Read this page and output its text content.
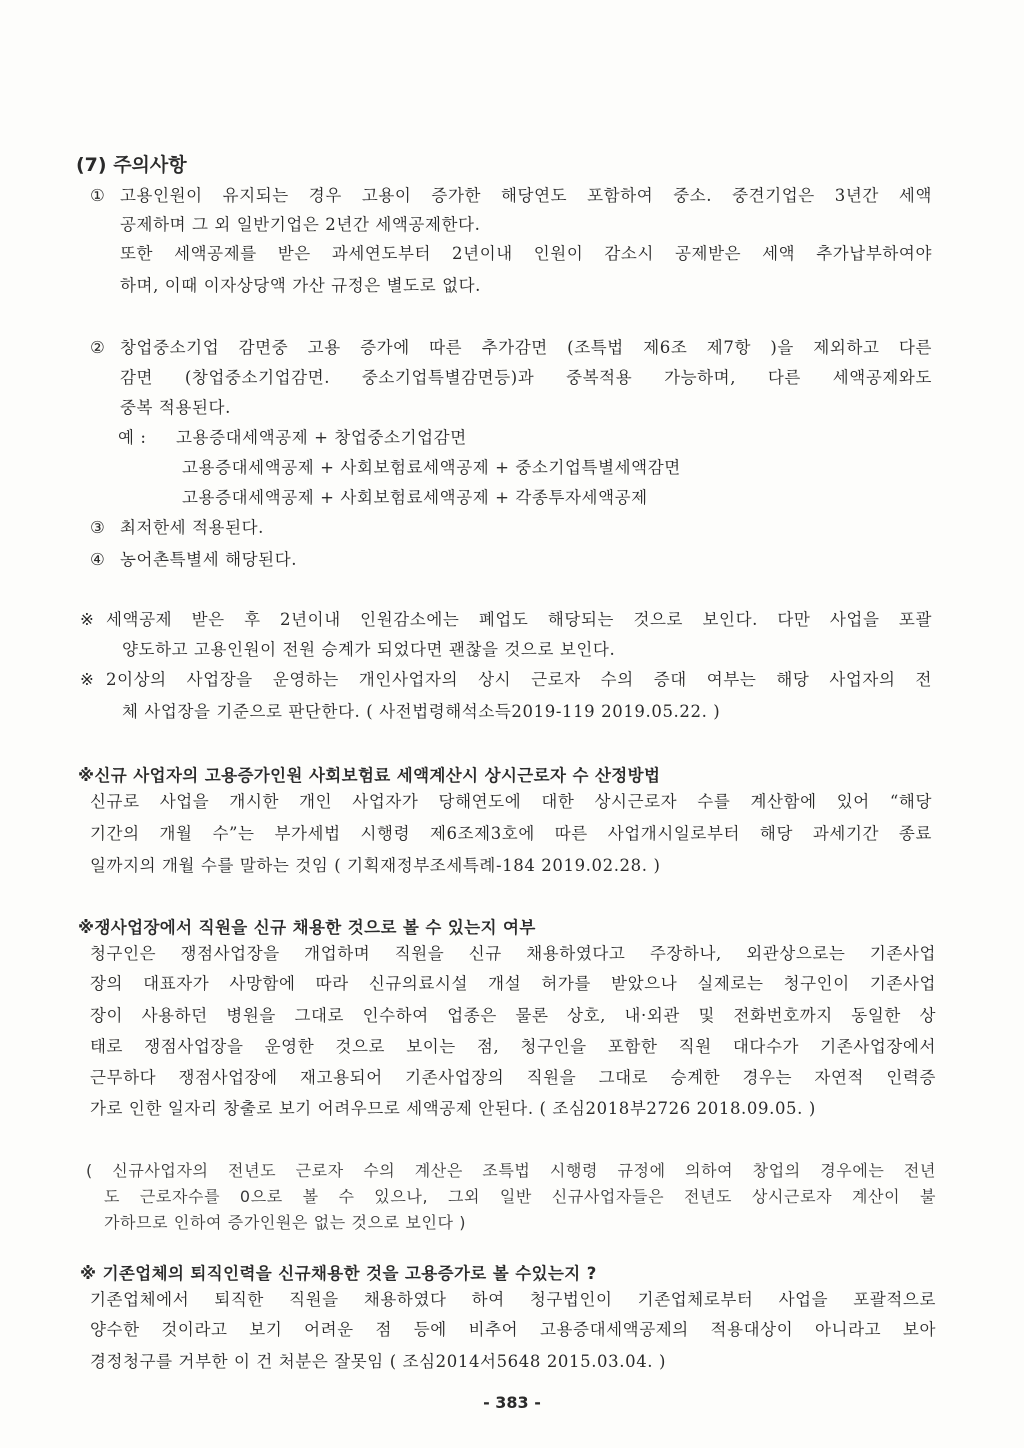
(7) 주의사항
① 고용인원이 유지되는 경우 고용이 증가한 해당연도 포함하여 중소. 중견기업은 3년간 세액
공제하며 그 외 일반기업은 2년간 세액공제한다.
또한 세액공제를 받은 과세연도부터 2년이내 인원이 감소시 공제받은 세액 추가납부하여야
하며, 이때 이자상당액 가산 규정은 별도로 없다.
② 창업중소기업 감면중 고용 증가에 따른 추가감면 (조특법 제6조 제7항 )을 제외하고 다른
감면 (창업중소기업감면. 중소기업특별감면등)과 중복적용 가능하며, 다른 세액공제와도
중복 적용된다.
예 : 고용증대세액공제 + 창업중소기업감면
고용증대세액공제 + 사회보험료세액공제 + 중소기업특별세액감면
고용증대세액공제 + 사회보험료세액공제 + 각종투자세액공제
③ 최저한세 적용된다.
④ 농어촌특별세 해당된다.
※ 세액공제 받은 후 2년이내 인원감소에는 폐업도 해당되는 것으로 보인다. 다만 사업을 포괄
양도하고 고용인원이 전원 승계가 되었다면 괜찮을 것으로 보인다.
※ 2이상의 사업장을 운영하는 개인사업자의 상시 근로자 수의 증대 여부는 해당 사업자의 전
체 사업장을 기준으로 판단한다. ( 사전법령해석소득2019-119 2019.05.22. )
※신규 사업자의 고용증가인원 사회보험료 세액계산시 상시근로자 수 산정방법
신규로 사업을 개시한 개인 사업자가 당해연도에 대한 상시근로자 수를 계산함에 있어 “해당
기간의 개월 수”는 부가세법 시행령 제6조제3호에 따른 사업개시일로부터 해당 과세기간 종료
일까지의 개월 수를 말하는 것임 ( 기획재정부조세특례-184 2019.02.28. )
※쟁사업장에서 직원을 신규 채용한 것으로 볼 수 있는지 여부
청구인은 쟁점사업장을 개업하며 직원을 신규 채용하였다고 주장하나, 외관상으로는 기존사업
장의 대표자가 사망함에 따라 신규의료시설 개설 허가를 받았으나 실제로는 청구인이 기존사업
장이 사용하던 병원을 그대로 인수하여 업종은 물론 상호, 내·외관 및 전화번호까지 동일한 상
태로 쟁점사업장을 운영한 것으로 보이는 점, 청구인을 포함한 직원 대다수가 기존사업장에서
근무하다 쟁점사업장에 재고용되어 기존사업장의 직원을 그대로 승계한 경우는 자연적 인력증
가로 인한 일자리 창출로 보기 어려우므로 세액공제 안된다. ( 조심2018부2726 2018.09.05. )
( 신규사업자의 전년도 근로자 수의 계산은 조특법 시행령 규정에 의하여 창업의 경우에는 전년
도 근로자수를 0으로 볼 수 있으나, 그외 일반 신규사업자들은 전년도 상시근로자 계산이 불
가하므로 인하여 증가인원은 없는 것으로 보인다 )
※ 기존업체의 퇴직인력을 신규채용한 것을 고용증가로 볼 수있는지 ?
기존업체에서 퇴직한 직원을 채용하였다 하여 청구법인이 기존업체로부터 사업을 포괄적으로
양수한 것이라고 보기 어려운 점 등에 비추어 고용증대세액공제의 적용대상이 아니라고 보아
경정청구를 거부한 이 건 처분은 잘못임 ( 조심2014서5648 2015.03.04. )
- 383 -
